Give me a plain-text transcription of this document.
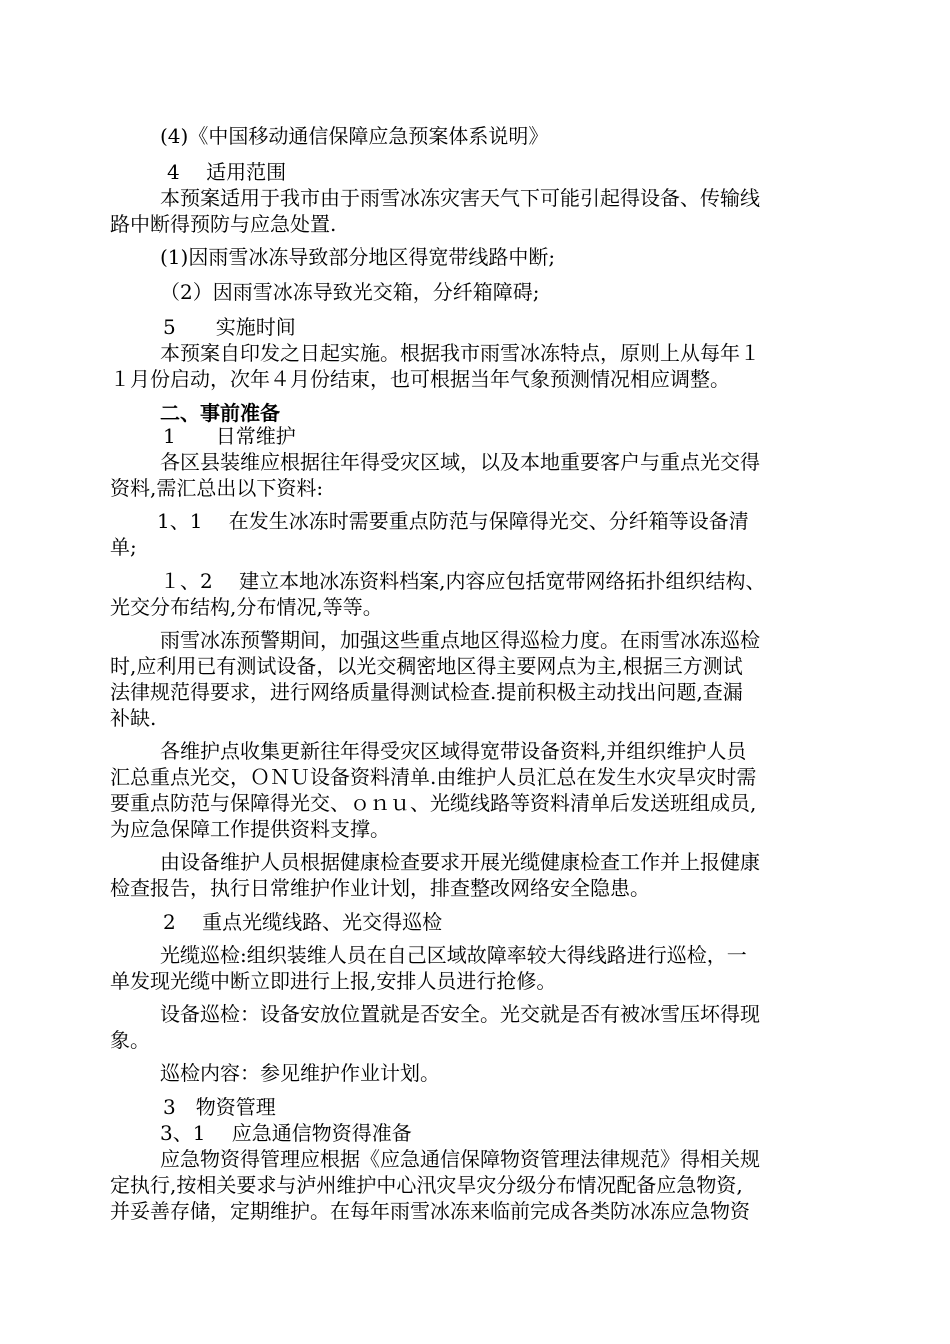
(4)《中国移动通信保障应急预案体系说明》
4　 适用范围
本预案适用于我市由于雨雪冰冻灾害天气下可能引起得设备、传输线
路中断得预防与应急处置.
(1)因雨雪冰冻导致部分地区得宽带线路中断;
（2）因雨雪冰冻导致光交箱，分纤箱障碍;
5　　实施时间
本预案自印发之日起实施。根据我市雨雪冰冻特点，原则上从每年１
１月份启动，次年４月份结束，也可根据当年气象预测情况相应调整。
二、事前准备
1　　日常维护
各区县装维应根据往年得受灾区域，以及本地重要客户与重点光交得
资料,需汇总出以下资料:
1、1　 在发生冰冻时需要重点防范与保障得光交、分纤箱等设备清
单;
１、2　 建立本地冰冻资料档案,内容应包括宽带网络拓扑组织结构、
光交分布结构,分布情况,等等。
雨雪冰冻预警期间，加强这些重点地区得巡检力度。在雨雪冰冻巡检
时,应利用已有测试设备，以光交稠密地区得主要网点为主,根据三方测试
法律规范得要求，进行网络质量得测试检查.提前积极主动找出问题,查漏
补缺.
各维护点收集更新往年得受灾区域得宽带设备资料,并组织维护人员
汇总重点光交，ＯＮＵ设备资料清单.由维护人员汇总在发生水灾旱灾时需
要重点防范与保障得光交、ｏｎｕ、光缆线路等资料清单后发送班组成员,
为应急保障工作提供资料支撑。
由设备维护人员根据健康检查要求开展光缆健康检查工作并上报健康
检查报告，执行日常维护作业计划，排查整改网络安全隐患。
2　 重点光缆线路、光交得巡检
光缆巡检:组织装维人员在自己区域故障率较大得线路进行巡检，一
单发现光缆中断立即进行上报,安排人员进行抢修。
设备巡检：设备安放位置就是否安全。光交就是否有被冰雪压坏得现
象。
巡检内容：参见维护作业计划。
3　物资管理
3、1　 应急通信物资得准备
应急物资得管理应根据《应急通信保障物资管理法律规范》得相关规
定执行,按相关要求与泸州维护中心汛灾旱灾分级分布情况配备应急物资,
并妥善存储，定期维护。在每年雨雪冰冻来临前完成各类防冰冻应急物资
